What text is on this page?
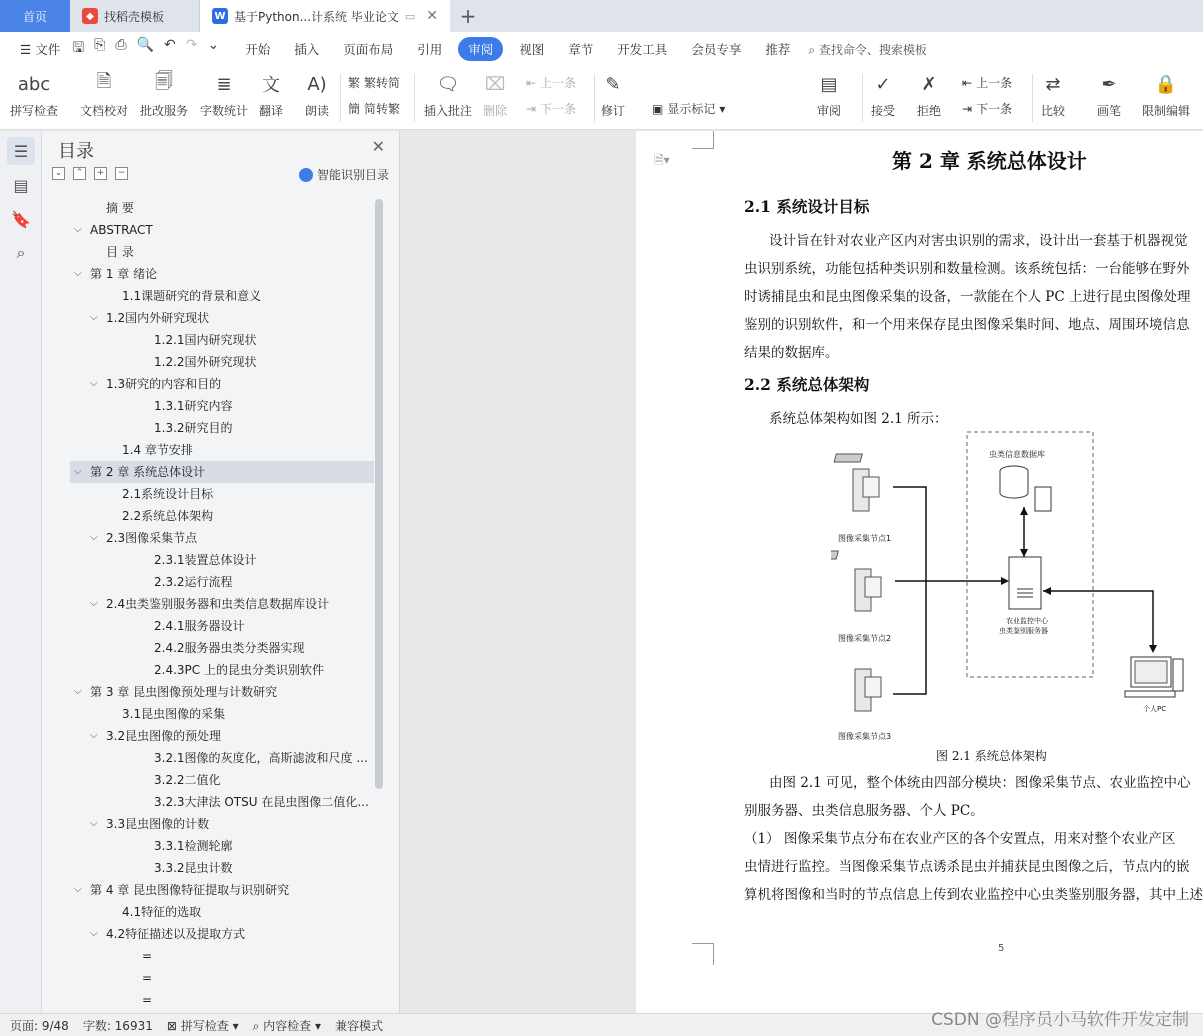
首页	◆ 找稻壳模板	W 基于Python...计系统 毕业论文 ▭ ✕	+
☰ 文件 🖫 ⎘ ⎙ 🔍 ↶ ↷ ⌄	开始	插入	页面布局	引用	审阅	视图	章节	开发工具	会员专享	推荐	⌕ 查找命令、搜索模板
abc
拼写检查
🗎
文档校对
🗐
批改服务
≣
字数统计
文
翻译
A)
朗读
繁 繁转简
簡 简转繁
🗨
插入批注
⌧
删除
⇤ 上一条
⇥ 下一条
✎
修订
▾ ▣ 显示标记 ▾
▤
审阅
✓
接受
✗
拒绝
⇤ 上一条
⇥ 下一条
⇄
比较
✒
画笔
🔒
限制编辑
☰
▤
🔖
⌕
目录	✕
⌄	⌃	+	−	智能识别目录
摘 要
⌵ ABSTRACT
目 录
⌵ 第 1 章 绪论
1.1课题研究的背景和意义
⌵ 1.2国内外研究现状
1.2.1国内研究现状
1.2.2国外研究现状
⌵ 1.3研究的内容和目的
1.3.1研究内容
1.3.2研究目的
1.4 章节安排
⌵ 第 2 章 系统总体设计
2.1系统设计目标
2.2系统总体架构
⌵ 2.3图像采集节点
2.3.1装置总体设计
2.3.2运行流程
⌵ 2.4虫类鉴别服务器和虫类信息数据库设计
2.4.1服务器设计
2.4.2服务器虫类分类器实现
2.4.3PC 上的昆虫分类识别软件
⌵ 第 3 章 昆虫图像预处理与计数研究
3.1昆虫图像的采集
⌵ 3.2昆虫图像的预处理
3.2.1图像的灰度化，高斯滤波和尺度 ...
3.2.2二值化
3.2.3大津法 OTSU 在昆虫图像二值化...
⌵ 3.3昆虫图像的计数
3.3.1检测轮廓
3.3.2昆虫计数
⌵ 第 4 章 昆虫图像特征提取与识别研究
4.1特征的选取
⌵ 4.2特征描述以及提取方式
=
=
=
🗎▾	第 2 章 系统总体设计
2.1 系统设计目标
设计旨在针对农业产区内对害虫识别的需求，设计出一套基于机器视觉
虫识别系统，功能包括种类识别和数量检测。该系统包括：一台能够在野外
时诱捕昆虫和昆虫图像采集的设备，一款能在个人 PC 上进行昆虫图像处理
鉴别的识别软件，和一个用来保存昆虫图像采集时间、地点、周围环境信息
结果的数据库。
2.2 系统总体架构
系统总体架构如图 2.1 所示：
虫类信息数据库
农业监控中心
虫类鉴别服务器
图像采集节点1
图像采集节点2
图像采集节点3
个人PC
图 2.1 系统总体架构
由图 2.1 可见，整个体统由四部分模块：图像采集节点、农业监控中心
别服务器、虫类信息服务器、个人 PC。
（1） 图像采集节点分布在农业产区的各个安置点，用来对整个农业产区
虫情进行监控。当图像采集节点诱杀昆虫并捕获昆虫图像之后，节点内的嵌
算机将图像和当时的节点信息上传到农业监控中心虫类鉴别服务器，其中上述
5
页面: 9/48 字数: 16931 ⊠ 拼写检查 ▾ ⌕ 内容检查 ▾ 兼容模式	CSDN @程序员小马软件开发定制
